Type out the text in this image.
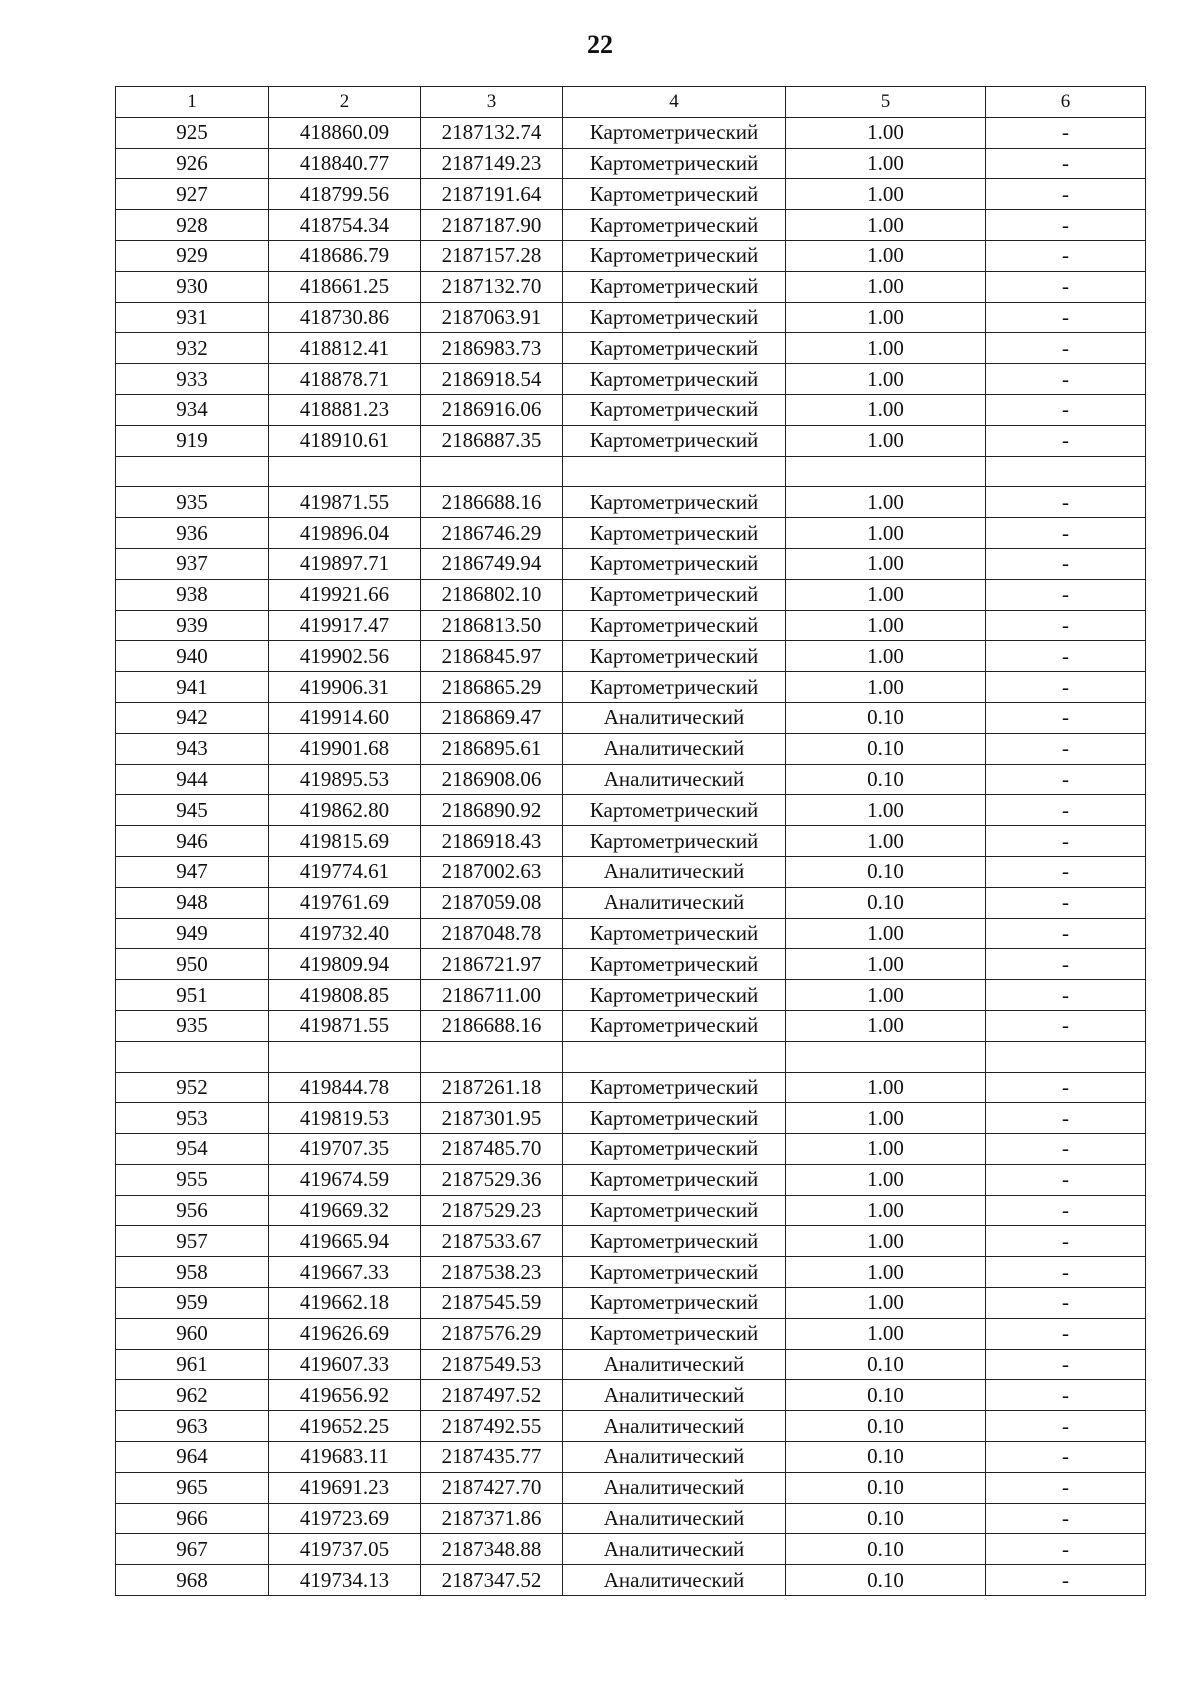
22
1	2	3	4	5	6
925	418860.09	2187132.74	Картометрический	1.00	-
926	418840.77	2187149.23	Картометрический	1.00	-
927	418799.56	2187191.64	Картометрический	1.00	-
928	418754.34	2187187.90	Картометрический	1.00	-
929	418686.79	2187157.28	Картометрический	1.00	-
930	418661.25	2187132.70	Картометрический	1.00	-
931	418730.86	2187063.91	Картометрический	1.00	-
932	418812.41	2186983.73	Картометрический	1.00	-
933	418878.71	2186918.54	Картометрический	1.00	-
934	418881.23	2186916.06	Картометрический	1.00	-
919	418910.61	2186887.35	Картометрический	1.00	-

935	419871.55	2186688.16	Картометрический	1.00	-
936	419896.04	2186746.29	Картометрический	1.00	-
937	419897.71	2186749.94	Картометрический	1.00	-
938	419921.66	2186802.10	Картометрический	1.00	-
939	419917.47	2186813.50	Картометрический	1.00	-
940	419902.56	2186845.97	Картометрический	1.00	-
941	419906.31	2186865.29	Картометрический	1.00	-
942	419914.60	2186869.47	Аналитический	0.10	-
943	419901.68	2186895.61	Аналитический	0.10	-
944	419895.53	2186908.06	Аналитический	0.10	-
945	419862.80	2186890.92	Картометрический	1.00	-
946	419815.69	2186918.43	Картометрический	1.00	-
947	419774.61	2187002.63	Аналитический	0.10	-
948	419761.69	2187059.08	Аналитический	0.10	-
949	419732.40	2187048.78	Картометрический	1.00	-
950	419809.94	2186721.97	Картометрический	1.00	-
951	419808.85	2186711.00	Картометрический	1.00	-
935	419871.55	2186688.16	Картометрический	1.00	-

952	419844.78	2187261.18	Картометрический	1.00	-
953	419819.53	2187301.95	Картометрический	1.00	-
954	419707.35	2187485.70	Картометрический	1.00	-
955	419674.59	2187529.36	Картометрический	1.00	-
956	419669.32	2187529.23	Картометрический	1.00	-
957	419665.94	2187533.67	Картометрический	1.00	-
958	419667.33	2187538.23	Картометрический	1.00	-
959	419662.18	2187545.59	Картометрический	1.00	-
960	419626.69	2187576.29	Картометрический	1.00	-
961	419607.33	2187549.53	Аналитический	0.10	-
962	419656.92	2187497.52	Аналитический	0.10	-
963	419652.25	2187492.55	Аналитический	0.10	-
964	419683.11	2187435.77	Аналитический	0.10	-
965	419691.23	2187427.70	Аналитический	0.10	-
966	419723.69	2187371.86	Аналитический	0.10	-
967	419737.05	2187348.88	Аналитический	0.10	-
968	419734.13	2187347.52	Аналитический	0.10	-
